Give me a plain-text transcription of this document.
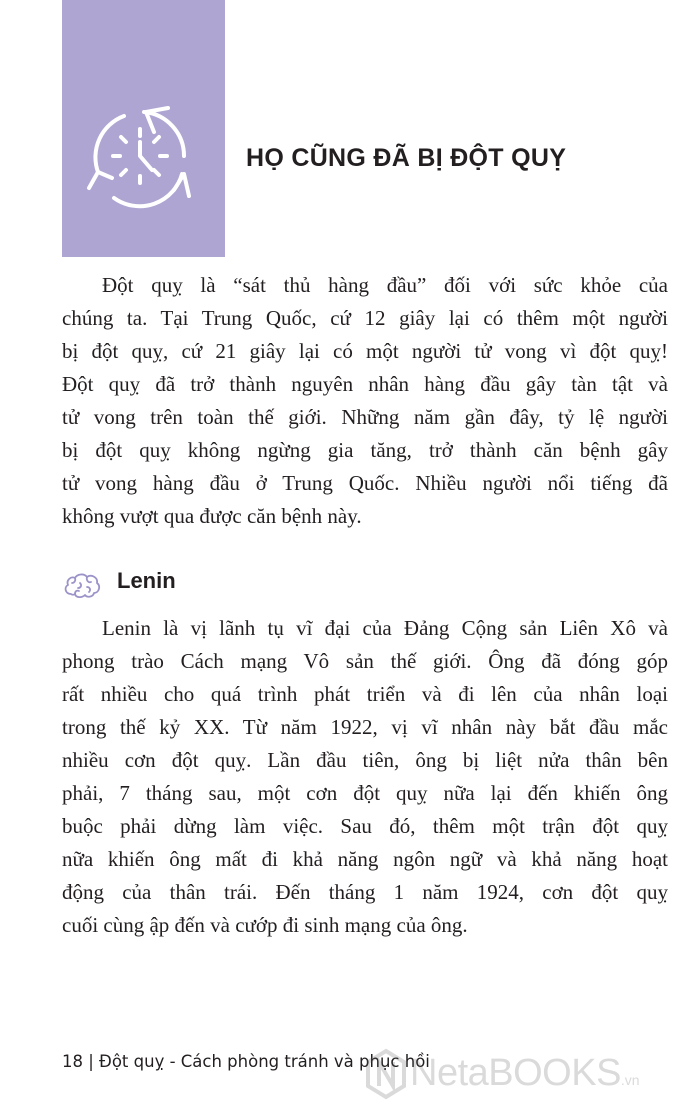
HỌ CŨNG ĐÃ BỊ ĐỘT QUỴ
Đột quỵ là “sát thủ hàng đầu” đối với sức khỏe của
chúng ta. Tại Trung Quốc, cứ 12 giây lại có thêm một người
bị đột quỵ, cứ 21 giây lại có một người tử vong vì đột quỵ!
Đột quỵ đã trở thành nguyên nhân hàng đầu gây tàn tật và
tử vong trên toàn thế giới. Những năm gần đây, tỷ lệ người
bị đột quỵ không ngừng gia tăng, trở thành căn bệnh gây
tử vong hàng đầu ở Trung Quốc. Nhiều người nổi tiếng đã
không vượt qua được căn bệnh này.
Lenin
Lenin là vị lãnh tụ vĩ đại của Đảng Cộng sản Liên Xô và
phong trào Cách mạng Vô sản thế giới. Ông đã đóng góp
rất nhiều cho quá trình phát triển và đi lên của nhân loại
trong thế kỷ XX. Từ năm 1922, vị vĩ nhân này bắt đầu mắc
nhiều cơn đột quỵ. Lần đầu tiên, ông bị liệt nửa thân bên
phải, 7 tháng sau, một cơn đột quỵ nữa lại đến khiến ông
buộc phải dừng làm việc. Sau đó, thêm một trận đột quỵ
nữa khiến ông mất đi khả năng ngôn ngữ và khả năng hoạt
động của thân trái. Đến tháng 1 năm 1924, cơn đột quỵ
cuối cùng ập đến và cướp đi sinh mạng của ông.
18 | Đột quỵ - Cách phòng tránh và phục hồi
NetaBOOKS.vn
